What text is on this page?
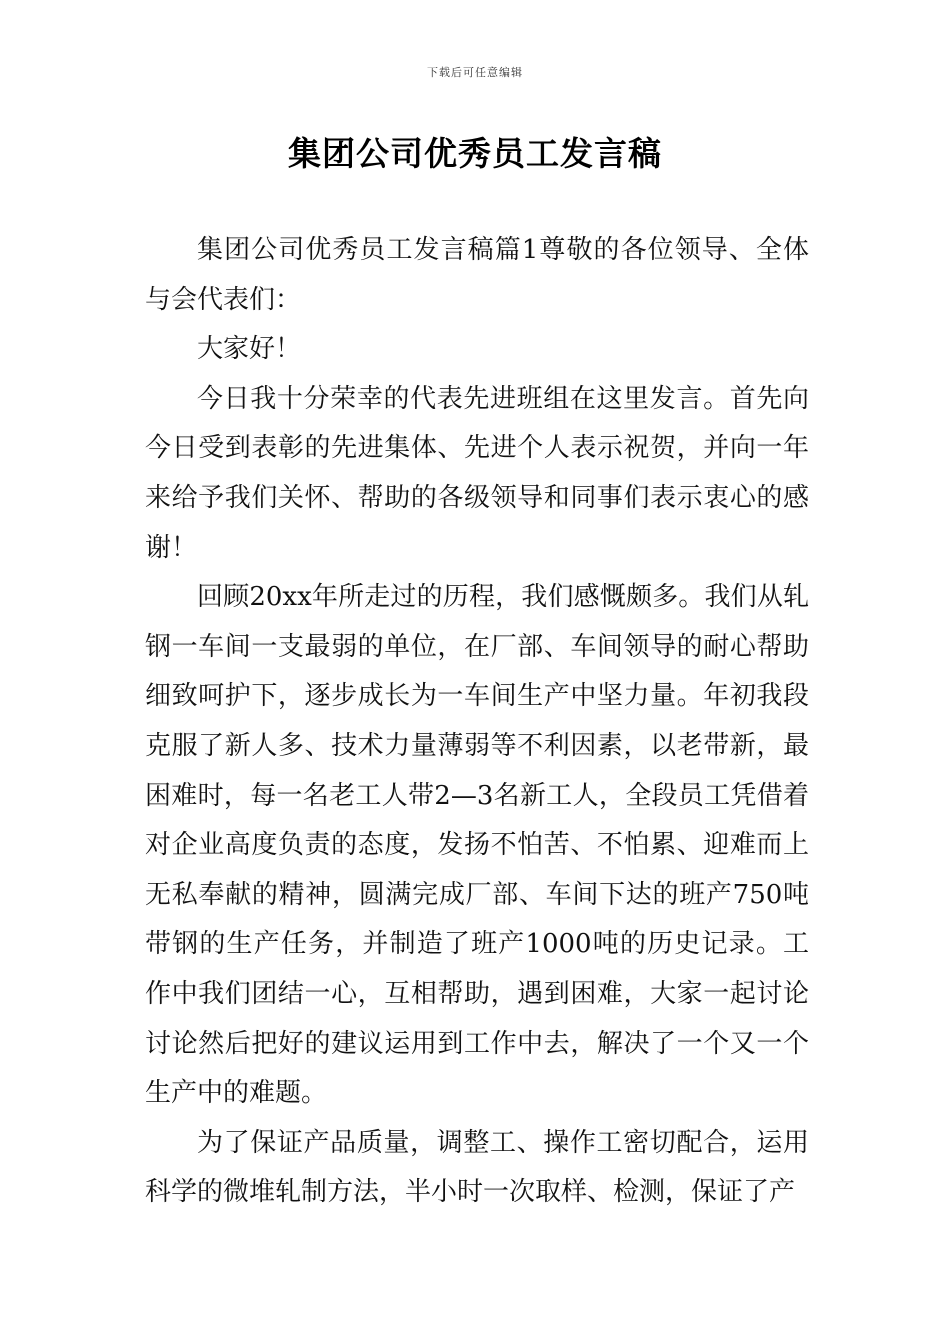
下载后可任意编辑
集团公司优秀员工发言稿

集团公司优秀员工发言稿篇1尊敬的各位领导、全体与会代表们：

大家好！

今日我十分荣幸的代表先进班组在这里发言。首先向今日受到表彰的先进集体、先进个人表示祝贺，并向一年来给予我们关怀、帮助的各级领导和同事们表示衷心的感谢！

回顾20xx年所走过的历程，我们感慨颇多。我们从轧钢一车间一支最弱的单位，在厂部、车间领导的耐心帮助细致呵护下，逐步成长为一车间生产中坚力量。年初我段克服了新人多、技术力量薄弱等不利因素，以老带新，最困难时，每一名老工人带2—3名新工人，全段员工凭借着对企业高度负责的态度，发扬不怕苦、不怕累、迎难而上无私奉献的精神，圆满完成厂部、车间下达的班产750吨带钢的生产任务，并制造了班产1000吨的历史记录。工作中我们团结一心，互相帮助，遇到困难，大家一起讨论讨论然后把好的建议运用到工作中去，解决了一个又一个生产中的难题。

为了保证产品质量，调整工、操作工密切配合，运用科学的微堆轧制方法，半小时一次取样、检测，保证了产
